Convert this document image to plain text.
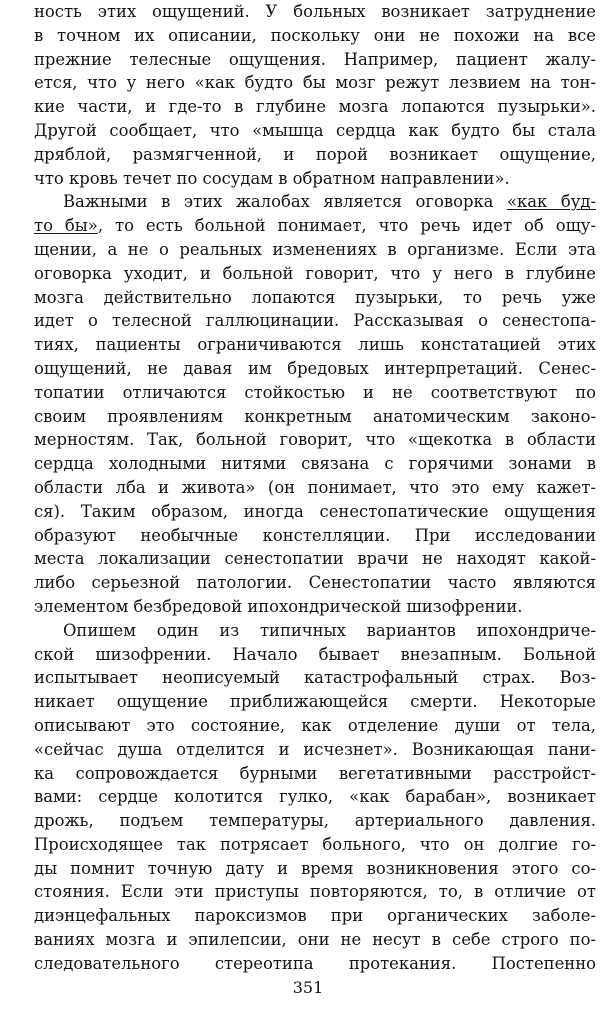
ность этих ощущений. У больных возникает затруднение
в точном их описании, поскольку они не похожи на все
прежние телесные ощущения. Например, пациент жалу-
ется, что у него «как будто бы мозг режут лезвием на тон-
кие части, и где-то в глубине мозга лопаются пузырьки».
Другой сообщает, что «мышца сердца как будто бы стала
дряблой, размягченной, и порой возникает ощущение,
что кровь течет по сосудам в обратном направлении».
Важными в этих жалобах является оговорка «как буд-
то бы», то есть больной понимает, что речь идет об ощу-
щении, а не о реальных изменениях в организме. Если эта
оговорка уходит, и больной говорит, что у него в глубине
мозга действительно лопаются пузырьки, то речь уже
идет о телесной галлюцинации. Рассказывая о сенестопа-
тиях, пациенты ограничиваются лишь констатацией этих
ощущений, не давая им бредовых интерпретаций. Сенес-
топатии отличаются стойкостью и не соответствуют по
своим проявлениям конкретным анатомическим законо-
мерностям. Так, больной говорит, что «щекотка в области
сердца холодными нитями связана с горячими зонами в
области лба и живота» (он понимает, что это ему кажет-
ся). Таким образом, иногда сенестопатические ощущения
образуют необычные констелляции. При исследовании
места локализации сенестопатии врачи не находят какой-
либо серьезной патологии. Сенестопатии часто являются
элементом безбредовой ипохондрической шизофрении.
Опишем один из типичных вариантов ипохондриче-
ской шизофрении. Начало бывает внезапным. Больной
испытывает неописуемый катастрофальный страх. Воз-
никает ощущение приближающейся смерти. Некоторые
описывают это состояние, как отделение души от тела,
«сейчас душа отделится и исчезнет». Возникающая пани-
ка сопровождается бурными вегетативными расстройст-
вами: сердце колотится гулко, «как барабан», возникает
дрожь, подъем температуры, артериального давления.
Происходящее так потрясает больного, что он долгие го-
ды помнит точную дату и время возникновения этого со-
стояния. Если эти приступы повторяются, то, в отличие от
диэнцефальных пароксизмов при органических заболе-
ваниях мозга и эпилепсии, они не несут в себе строго по-
следовательного стереотипа протекания. Постепенно
351
